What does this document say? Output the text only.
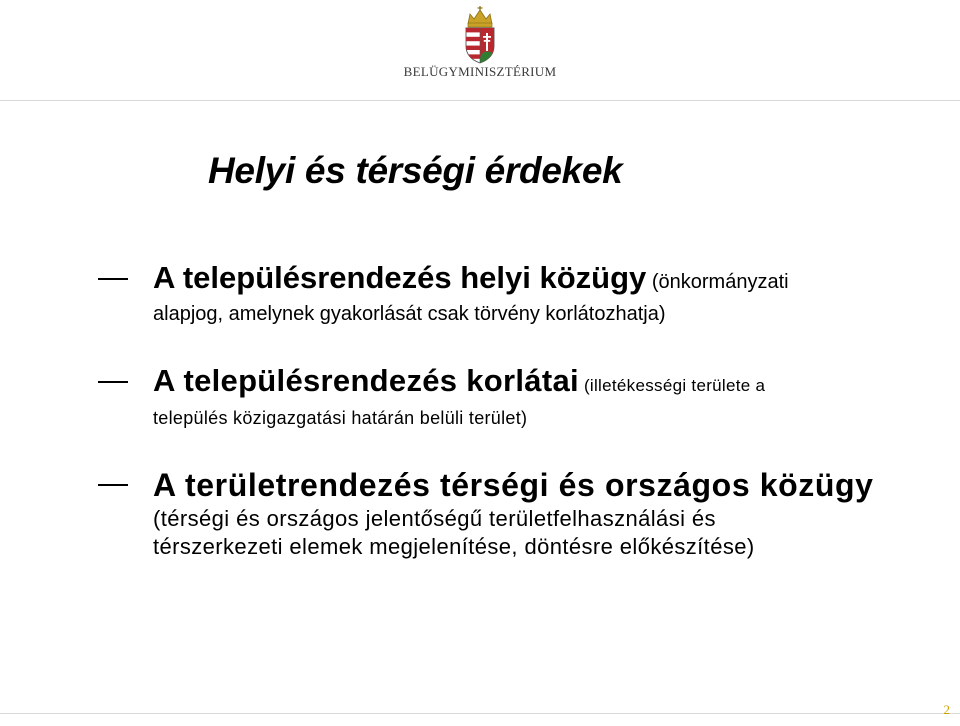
BELÜGYMINISZTÉRIUM
Helyi és térségi érdekek
A településrendezés helyi közügy (önkormányzati
alapjog, amelynek gyakorlását csak törvény korlátozhatja)
A településrendezés korlátai (illetékességi területe a
település közigazgatási határán belüli terület)
A területrendezés térségi és országos közügy
(térségi és országos jelentőségű területfelhasználási és
térszerkezeti elemek megjelenítése, döntésre előkészítése)
2
